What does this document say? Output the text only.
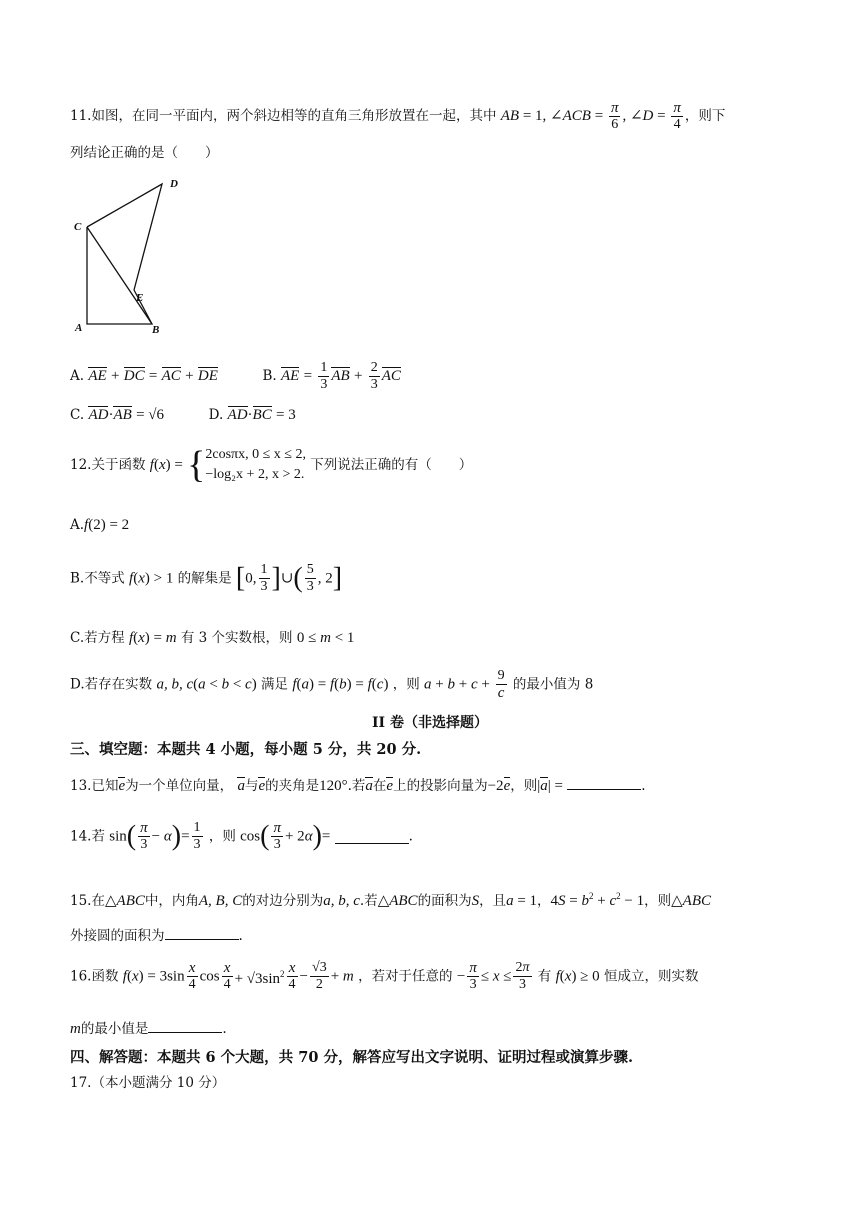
11.如图，在同一平面内，两个斜边相等的直角三角形放置在一起，其中 AB = 1, ∠ACB = $\frac{\pi}{6}$ , ∠D = $\frac{\pi}{4}$ ，则下
列结论正确的是（　　）
C
D
E
A	B
A. AE + DC = AC + DE	B. AE = $\frac{1}{3}$ AB + $\frac{2}{3}$ AC
C. AD·AB = √6	D. AD·BC = 3
12.关于函数 f(x) = { 2cosπx, 0 ≤ x ≤ 2,
−log₂x + 2, x > 2.
下列说法正确的有（　　）
A.f(2) = 2
B.不等式 f(x) > 1 的解集是 [0, $\frac{1}{3}$ ]∪( $\frac{5}{3}$ , 2]
C.若方程 f(x) = m 有 3 个实数根，则 0 ≤ m < 1
D.若存在实数 a, b, c(a < b < c) 满足 f(a) = f(b) = f(c) ，则 $a + b + c + \frac{9}{c}$ 的最小值为 8
II 卷（非选择题）
三、填空题：本题共 4 小题，每小题 5 分，共 20 分.
13.已知e为一个单位向量， a与e的夹角是120°.若a在e上的投影向量为−2e，则|a| =	.
14.若 $\sin( \frac{\pi}{3} - \alpha)= \frac{1}{3}$ ，则 $\cos( \frac{\pi}{3} + 2\alpha)=$	.
15.在△ABC中，内角A, B, C的对边分别为a, b, c.若△ABC的面积为S，且a = 1，$4S = b^2 + c^2 - 1$，则△ABC
外接圆的面积为	.
16.函数 $f(x) = 3\sin \frac{x}{4}$ $\cos \frac{x}{4} + √3\sin^2 \frac{x}{4} - \frac{√3}{2} + m$ ，若对于任意的 − $\frac{\pi}{3} \le x \le \frac{2\pi}{3}$ 有 f(x) ≥ 0 恒成立，则实数
m的最小值是	.
四、解答题：本题共 6 个大题，共 70 分，解答应写出文字说明、证明过程或演算步骤.
17.（本小题满分 10 分）
